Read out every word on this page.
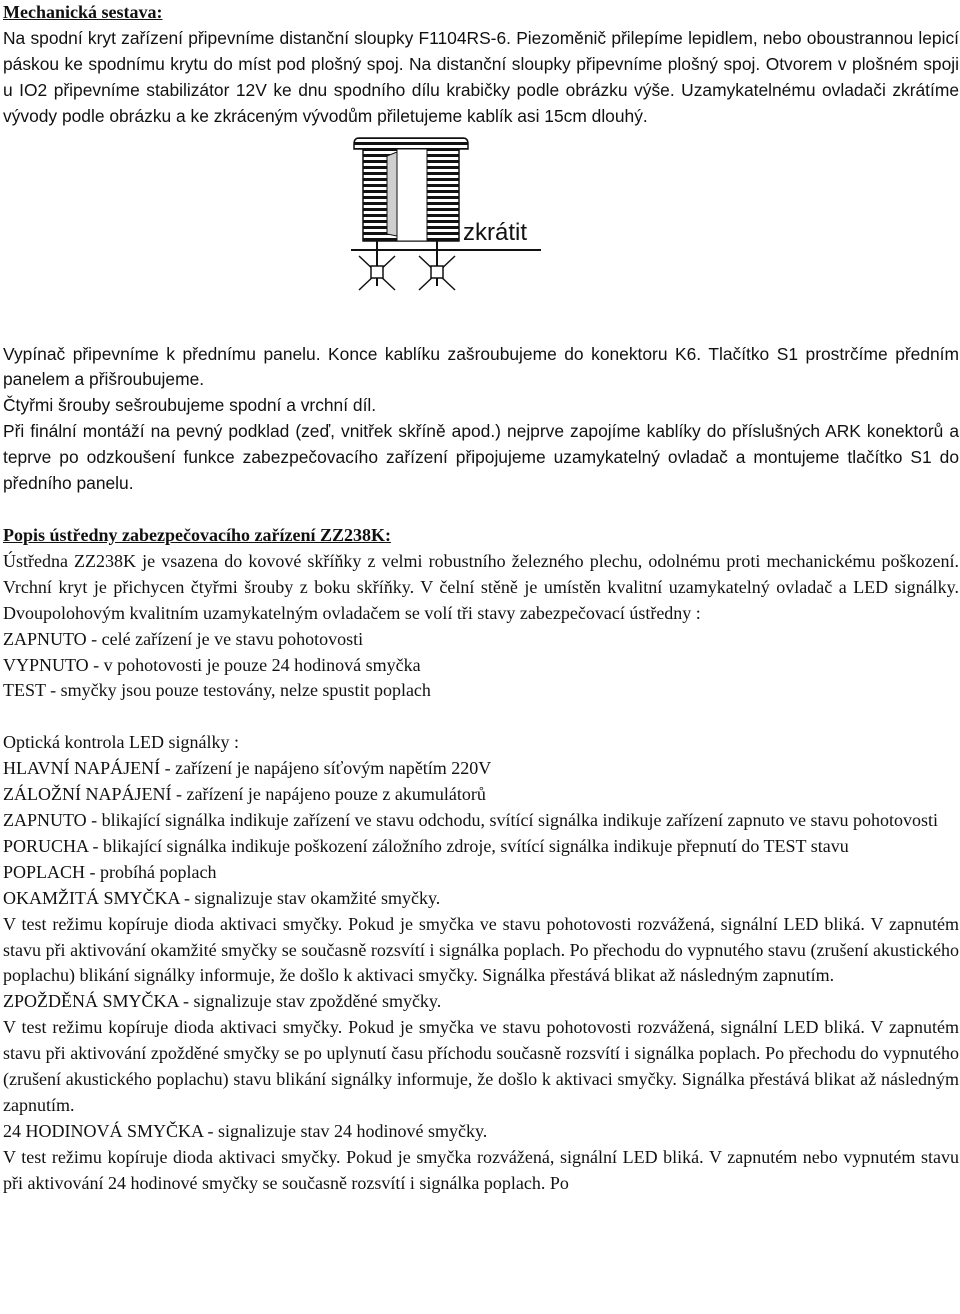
Mechanická sestava:

Na spodní kryt zařízení připevníme distanční sloupky F1104RS-6. Piezoměnič přilepíme lepidlem, nebo oboustrannou lepicí páskou ke spodnímu krytu do míst pod plošný spoj. Na distanční sloupky připevníme plošný spoj. Otvorem v plošném spoji u IO2 připevníme stabilizátor 12V ke dnu spodního dílu krabičky podle obrázku výše. Uzamykatelnému ovladači zkrátíme vývody podle obrázku a ke zkráceným vývodům přiletujeme kablík asi 15cm dlouhý.

zkrátit

Vypínač připevníme k přednímu panelu. Konce kablíku zašroubujeme do konektoru K6. Tlačítko S1 prostrčíme předním panelem a přišroubujeme.

Čtyřmi šrouby sešroubujeme spodní a vrchní díl.

Při finální montáží na pevný podklad (zeď, vnitřek skříně apod.) nejprve zapojíme kablíky do příslušných ARK konektorů a teprve po odzkoušení funkce zabezpečovacího zařízení připojujeme uzamykatelný ovladač a montujeme tlačítko S1 do předního panelu.

Popis ústředny zabezpečovacího zařízení ZZ238K:

Ústředna ZZ238K je vsazena do kovové skříňky z velmi robustního železného plechu, odolnému proti mechanickému poškození. Vrchní kryt je přichycen čtyřmi šrouby z boku skříňky. V čelní stěně je umístěn kvalitní uzamykatelný ovladač a LED signálky. Dvoupolohovým kvalitním uzamykatelným ovladačem se volí tři stavy zabezpečovací ústředny :

ZAPNUTO - celé zařízení je ve stavu pohotovosti

VYPNUTO - v pohotovosti je pouze 24 hodinová smyčka

TEST - smyčky jsou pouze testovány, nelze spustit poplach

Optická kontrola LED signálky :

HLAVNÍ NAPÁJENÍ - zařízení je napájeno síťovým napětím 220V

ZÁLOŽNÍ NAPÁJENÍ - zařízení je napájeno pouze z akumulátorů

ZAPNUTO - blikající signálka indikuje zařízení ve stavu odchodu, svítící signálka indikuje zařízení zapnuto ve stavu pohotovosti

PORUCHA - blikající signálka indikuje poškození záložního zdroje, svítící signálka indikuje přepnutí do TEST stavu

POPLACH - probíhá poplach

OKAMŽITÁ SMYČKA - signalizuje stav okamžité smyčky.

V test režimu kopíruje dioda aktivaci smyčky. Pokud je smyčka ve stavu pohotovosti rozvážená, signální LED bliká. V zapnutém stavu při aktivování okamžité smyčky se současně rozsvítí i signálka poplach. Po přechodu do vypnutého stavu (zrušení akustického poplachu) blikání signálky informuje, že došlo k aktivaci smyčky. Signálka přestává blikat až následným zapnutím.

ZPOŽDĚNÁ SMYČKA - signalizuje stav zpožděné smyčky.

V test režimu kopíruje dioda aktivaci smyčky. Pokud je smyčka ve stavu pohotovosti rozvážená, signální LED bliká. V zapnutém stavu při aktivování zpožděné smyčky se po uplynutí času příchodu současně rozsvítí i signálka poplach. Po přechodu do vypnutého (zrušení akustického poplachu) stavu blikání signálky informuje, že došlo k aktivaci smyčky. Signálka přestává blikat až následným zapnutím.

24 HODINOVÁ SMYČKA - signalizuje stav 24 hodinové smyčky.

V test režimu kopíruje dioda aktivaci smyčky. Pokud je smyčka rozvážená, signální LED bliká. V zapnutém nebo vypnutém stavu při aktivování 24 hodinové smyčky se současně rozsvítí i signálka poplach. Po
